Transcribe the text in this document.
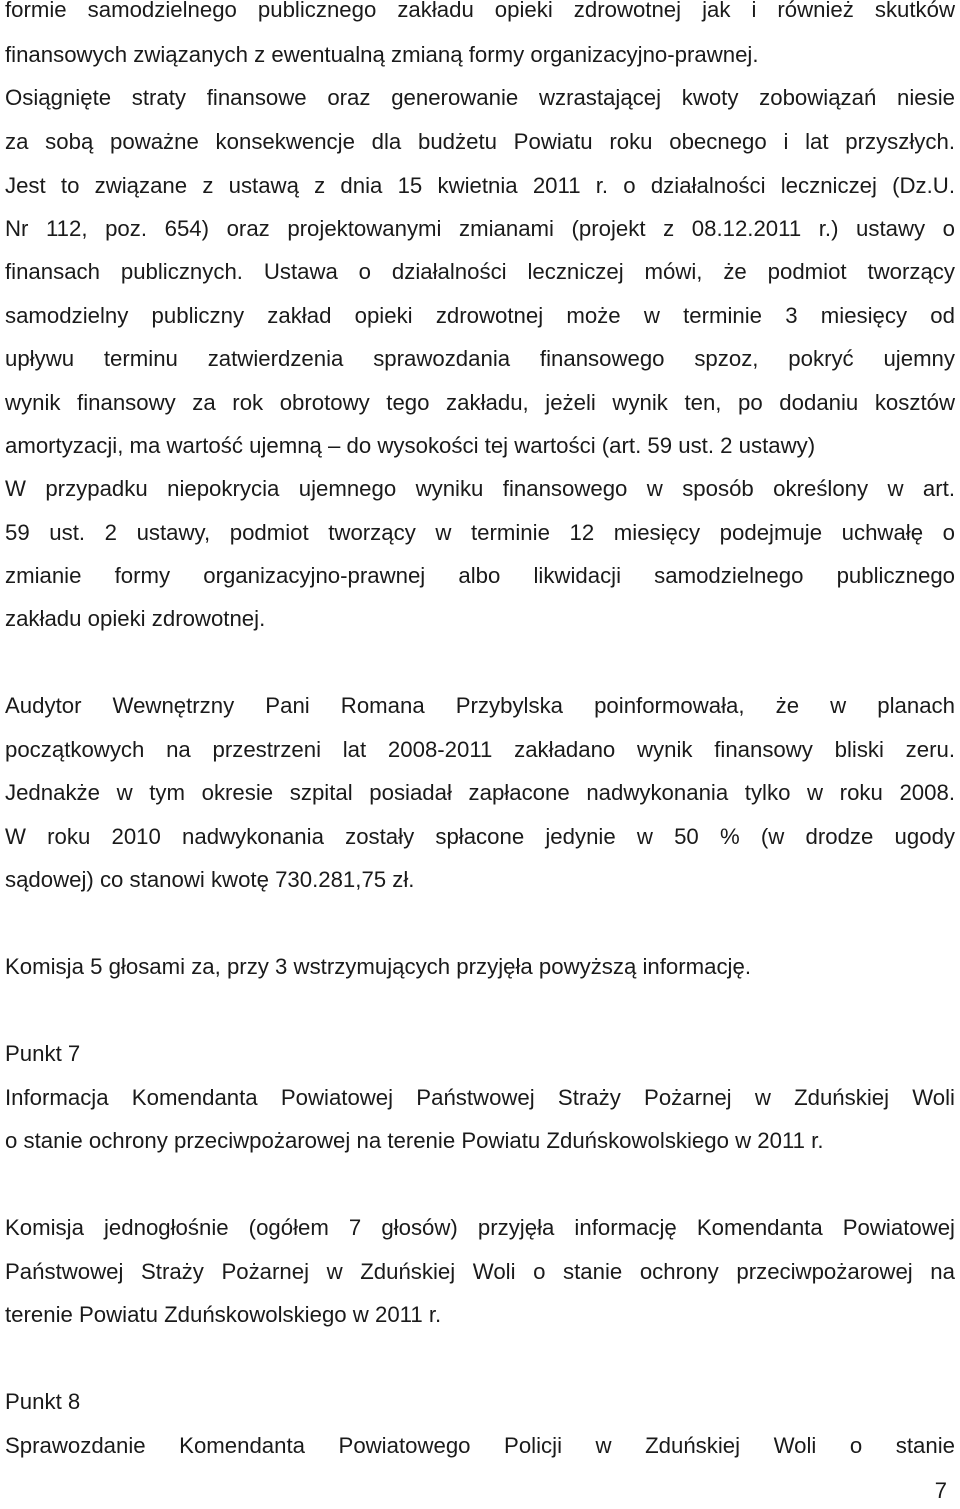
formie samodzielnego publicznego zakładu opieki zdrowotnej jak i również skutków
finansowych związanych z ewentualną zmianą formy organizacyjno-prawnej.
Osiągnięte straty finansowe oraz generowanie wzrastającej kwoty zobowiązań niesie
za sobą poważne konsekwencje dla budżetu Powiatu roku obecnego i lat przyszłych.
Jest to związane z ustawą z dnia 15 kwietnia 2011 r. o działalności leczniczej (Dz.U.
Nr 112, poz. 654) oraz projektowanymi zmianami (projekt z 08.12.2011 r.) ustawy o
finansach publicznych. Ustawa o działalności leczniczej mówi, że podmiot tworzący
samodzielny publiczny zakład opieki zdrowotnej może w terminie 3 miesięcy od
upływu terminu zatwierdzenia sprawozdania finansowego spzoz, pokryć ujemny
wynik finansowy za rok obrotowy tego zakładu, jeżeli wynik ten, po dodaniu kosztów
amortyzacji, ma wartość ujemną – do wysokości tej wartości (art. 59 ust. 2 ustawy)
W przypadku niepokrycia ujemnego wyniku finansowego w sposób określony w art.
59 ust. 2 ustawy, podmiot tworzący w terminie 12 miesięcy podejmuje uchwałę o
zmianie formy organizacyjno-prawnej albo likwidacji samodzielnego publicznego
zakładu opieki zdrowotnej.
Audytor Wewnętrzny Pani Romana Przybylska poinformowała, że w planach
początkowych na przestrzeni lat 2008-2011 zakładano wynik finansowy bliski zeru.
Jednakże w tym okresie szpital posiadał zapłacone nadwykonania tylko w roku 2008.
W roku 2010 nadwykonania zostały spłacone jedynie w 50 % (w drodze ugody
sądowej) co stanowi kwotę 730.281,75 zł.
Komisja 5 głosami za, przy 3 wstrzymujących przyjęła powyższą informację.
Punkt 7
Informacja Komendanta Powiatowej Państwowej Straży Pożarnej w Zduńskiej Woli
o stanie ochrony przeciwpożarowej na terenie Powiatu Zduńskowolskiego w 2011 r.
Komisja jednogłośnie (ogółem 7 głosów) przyjęła informację Komendanta Powiatowej
Państwowej Straży Pożarnej w Zduńskiej Woli o stanie ochrony przeciwpożarowej na
terenie Powiatu Zduńskowolskiego w 2011 r.
Punkt 8
Sprawozdanie Komendanta Powiatowego Policji w Zduńskiej Woli o stanie
7
